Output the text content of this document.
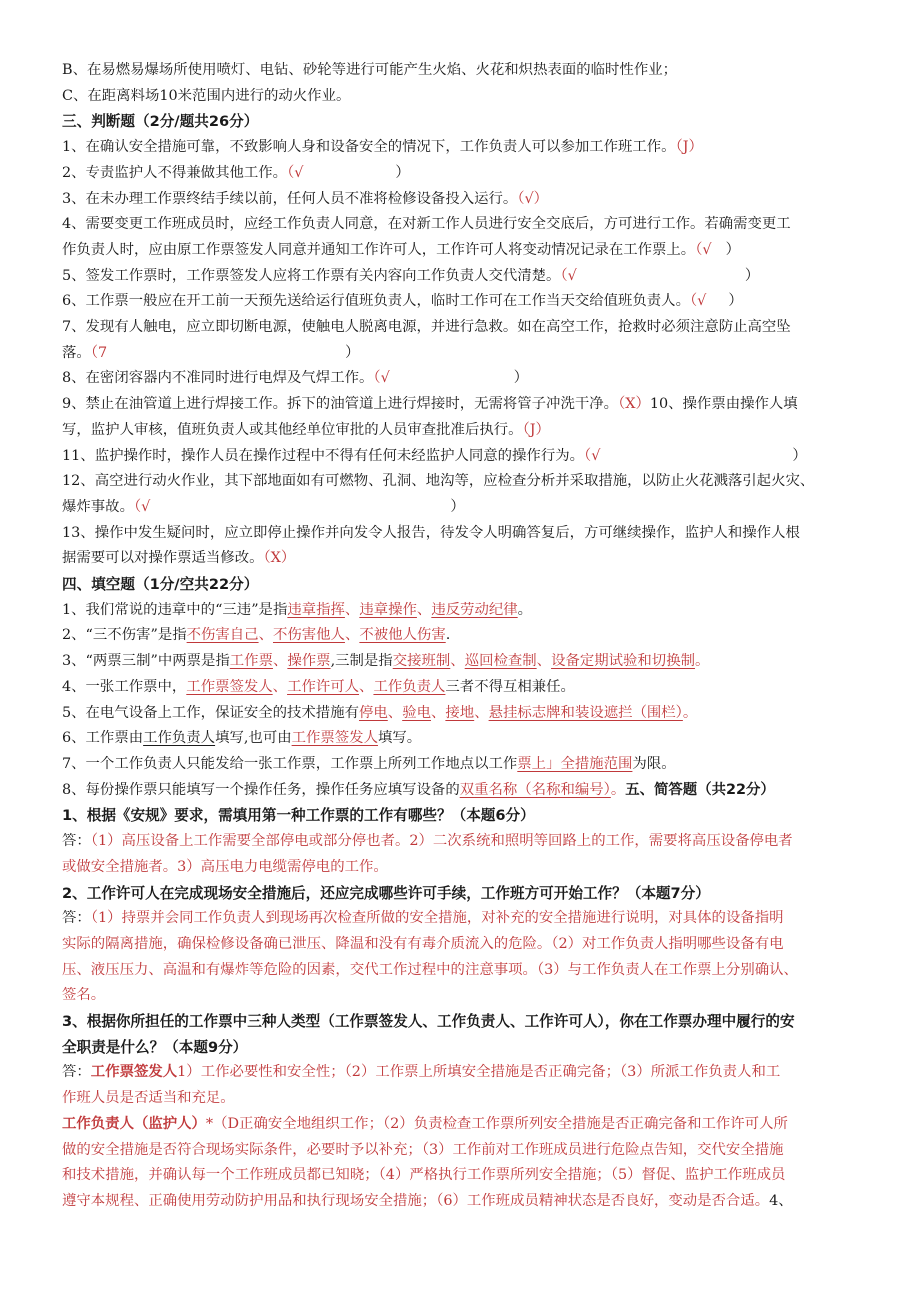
B、在易燃易爆场所使用喷灯、电钻、砂轮等进行可能产生火焰、火花和炽热表面的临时性作业；

C、在距离料场10米范围内进行的动火作业。

三、判断题（2分/题共26分）

1、在确认安全措施可靠，不致影响人身和设备安全的情况下，工作负责人可以参加工作班工作。（J）

2、专责监护人不得兼做其他工作。（√	）

3、在未办理工作票终结手续以前，任何人员不准将检修设备投入运行。（√）

4、需要变更工作班成员时，应经工作负责人同意，在对新工作人员进行安全交底后，方可进行工作。若确需变更工

作负责人时，应由原工作票签发人同意并通知工作许可人，工作许可人将变动情况记录在工作票上。（√ ）

5、签发工作票时，工作票签发人应将工作票有关内容向工作负责人交代清楚。（√	）

6、工作票一般应在开工前一天预先送给运行值班负责人，临时工作可在工作当天交给值班负责人。（√ ）

7、发现有人触电，应立即切断电源，使触电人脱离电源，并进行急救。如在高空工作，抢救时必须注意防止高空坠

落。（7	）

8、在密闭容器内不准同时进行电焊及气焊工作。（√	）

9、禁止在油管道上进行焊接工作。拆下的油管道上进行焊接时，无需将管子冲洗干净。（X）10、操作票由操作人填

写，监护人审核，值班负责人或其他经单位审批的人员审查批准后执行。（J）

11、监护操作时，操作人员在操作过程中不得有任何未经监护人同意的操作行为。（√	）

12、高空进行动火作业，其下部地面如有可燃物、孔洞、地沟等，应检查分析并采取措施，以防止火花溅落引起火灾、

爆炸事故。（√	）

13、操作中发生疑问时，应立即停止操作并向发令人报告，待发令人明确答复后，方可继续操作，监护人和操作人根

据需要可以对操作票适当修改。（X）

四、填空题（1分/空共22分）

1、我们常说的违章中的“三违”是指违章指挥、违章操作、违反劳动纪律。

2、“三不伤害”是指不伤害自己、不伤害他人、不被他人伤害.

3、“两票三制”中两票是指工作票、操作票,三制是指交接班制、巡回检查制、设备定期试验和切换制。

4、一张工作票中，工作票签发人、工作许可人、工作负责人三者不得互相兼任。

5、在电气设备上工作，保证安全的技术措施有停电、验电、接地、悬挂标志牌和装设遮拦（围栏）。

6、工作票由工作负责人填写,也可由工作票签发人填写。

7、一个工作负责人只能发给一张工作票，工作票上所列工作地点以工作票上」全措施范围为限。

8、每份操作票只能填写一个操作任务，操作任务应填写设备的双重名称（名称和编号）。五、简答题（共22分）

1、根据《安规》要求，需填用第一种工作票的工作有哪些？（本题6分）

答：（1）高压设备上工作需要全部停电或部分停也者。2）二次系统和照明等回路上的工作，需要将高压设备停电者

或做安全措施者。3）高压电力电缆需停电的工作。

2、工作许可人在完成现场安全措施后，还应完成哪些许可手续，工作班方可开始工作？（本题7分）

答：（1）持票并会同工作负责人到现场再次检查所做的安全措施，对补充的安全措施进行说明，对具体的设备指明

实际的隔离措施，确保检修设备确已泄压、降温和没有有毒介质流入的危险。（2）对工作负责人指明哪些设备有电

压、液压压力、高温和有爆炸等危险的因素，交代工作过程中的注意事项。（3）与工作负责人在工作票上分别确认、

签名。

3、根据你所担任的工作票中三种人类型（工作票签发人、工作负责人、工作许可人），你在工作票办理中履行的安

全职责是什么？（本题9分）

答：工作票签发人1）工作必要性和安全性；（2）工作票上所填安全措施是否正确完备；（3）所派工作负责人和工

作班人员是否适当和充足。

工作负责人（监护人）*（D正确安全地组织工作；（2）负责检查工作票所列安全措施是否正确完备和工作许可人所

做的安全措施是否符合现场实际条件，必要时予以补充；（3）工作前对工作班成员进行危险点告知，交代安全措施

和技术措施，并确认每一个工作班成员都已知晓；（4）严格执行工作票所列安全措施；（5）督促、监护工作班成员

遵守本规程、正确使用劳动防护用品和执行现场安全措施；（6）工作班成员精神状态是否良好，变动是否合适。4、
